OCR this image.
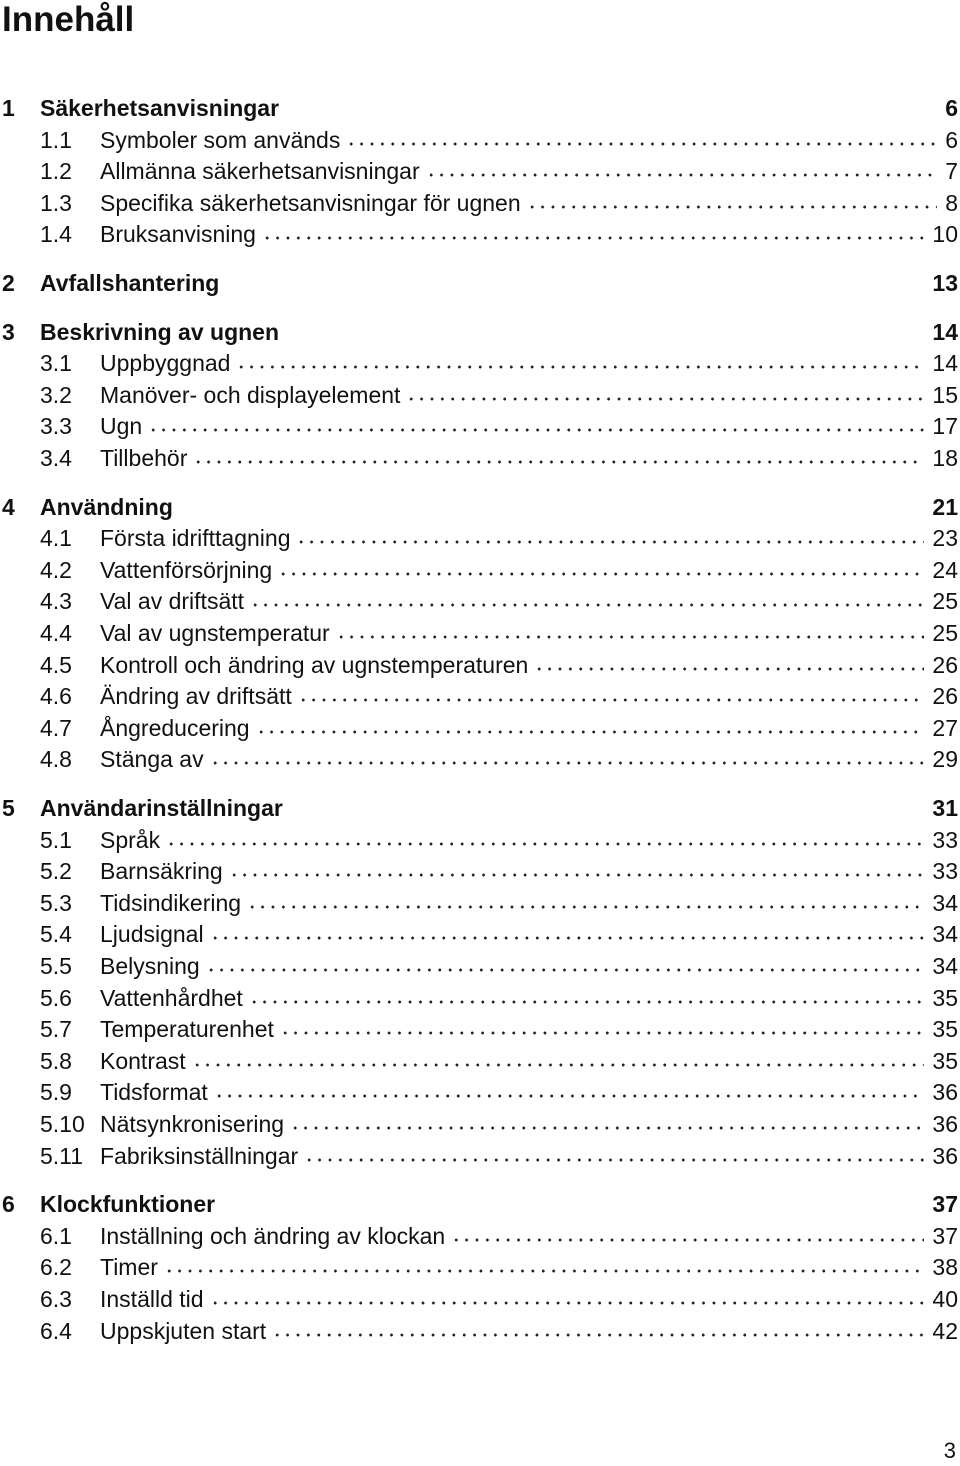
Innehåll
1	Säkerhetsanvisningar	6
1.1	Symboler som används	6
1.2	Allmänna säkerhetsanvisningar	7
1.3	Specifika säkerhetsanvisningar för ugnen	8
1.4	Bruksanvisning	10
2	Avfallshantering	13
3	Beskrivning av ugnen	14
3.1	Uppbyggnad	14
3.2	Manöver- och displayelement	15
3.3	Ugn	17
3.4	Tillbehör	18
4	Användning	21
4.1	Första idrifttagning	23
4.2	Vattenförsörjning	24
4.3	Val av driftsätt	25
4.4	Val av ugnstemperatur	25
4.5	Kontroll och ändring av ugnstemperaturen	26
4.6	Ändring av driftsätt	26
4.7	Ångreducering	27
4.8	Stänga av	29
5	Användarinställningar	31
5.1	Språk	33
5.2	Barnsäkring	33
5.3	Tidsindikering	34
5.4	Ljudsignal	34
5.5	Belysning	34
5.6	Vattenhårdhet	35
5.7	Temperaturenhet	35
5.8	Kontrast	35
5.9	Tidsformat	36
5.10 Nätsynkronisering	36
5.11 Fabriksinställningar	36
6	Klockfunktioner	37
6.1	Inställning och ändring av klockan	37
6.2	Timer	38
6.3	Inställd tid	40
6.4	Uppskjuten start	42
3
